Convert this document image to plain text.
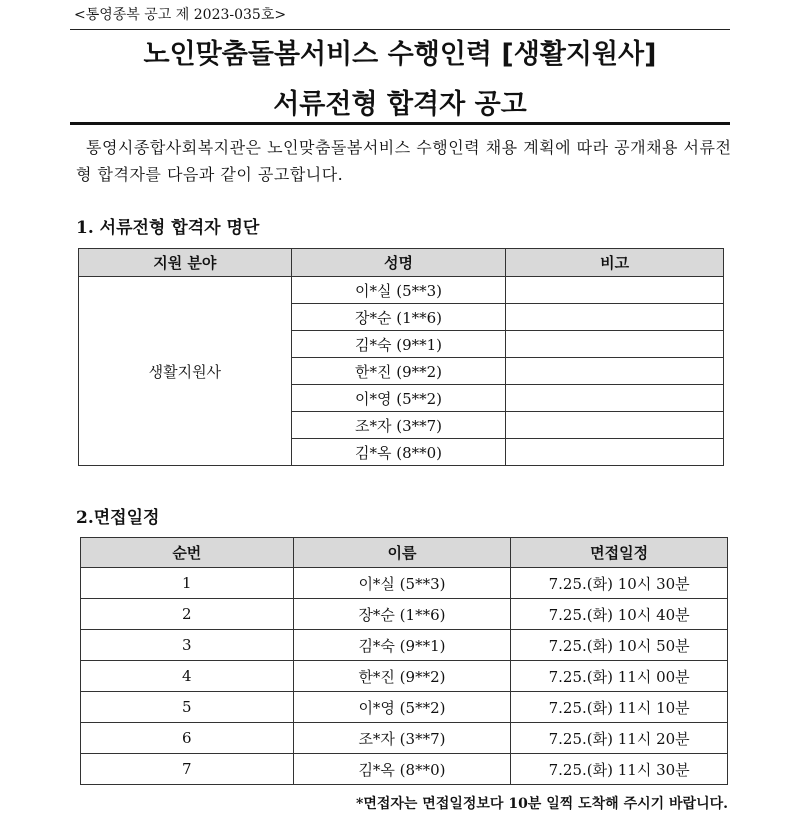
<통영종복 공고 제 2023-035호>
노인맞춤돌봄서비스 수행인력 [생활지원사]
서류전형 합격자 공고
통영시종합사회복지관은 노인맞춤돌봄서비스 수행인력 채용 계획에 따라 공개채용 서류전형 합격자를 다음과 같이 공고합니다.
1. 서류전형 합격자 명단
지원 분야	성명	비고
생활지원사	이*실 (5**3)	
	장*순 (1**6)	
	김*숙 (9**1)	
	한*진 (9**2)	
	이*영 (5**2)	
	조*자 (3**7)	
	김*옥 (8**0)	
2.면접일정
순번	이름	면접일정
1	이*실 (5**3)	7.25.(화) 10시 30분
2	장*순 (1**6)	7.25.(화) 10시 40분
3	김*숙 (9**1)	7.25.(화) 10시 50분
4	한*진 (9**2)	7.25.(화) 11시 00분
5	이*영 (5**2)	7.25.(화) 11시 10분
6	조*자 (3**7)	7.25.(화) 11시 20분
7	김*옥 (8**0)	7.25.(화) 11시 30분
*면접자는 면접일정보다 10분 일찍 도착해 주시기 바랍니다.
